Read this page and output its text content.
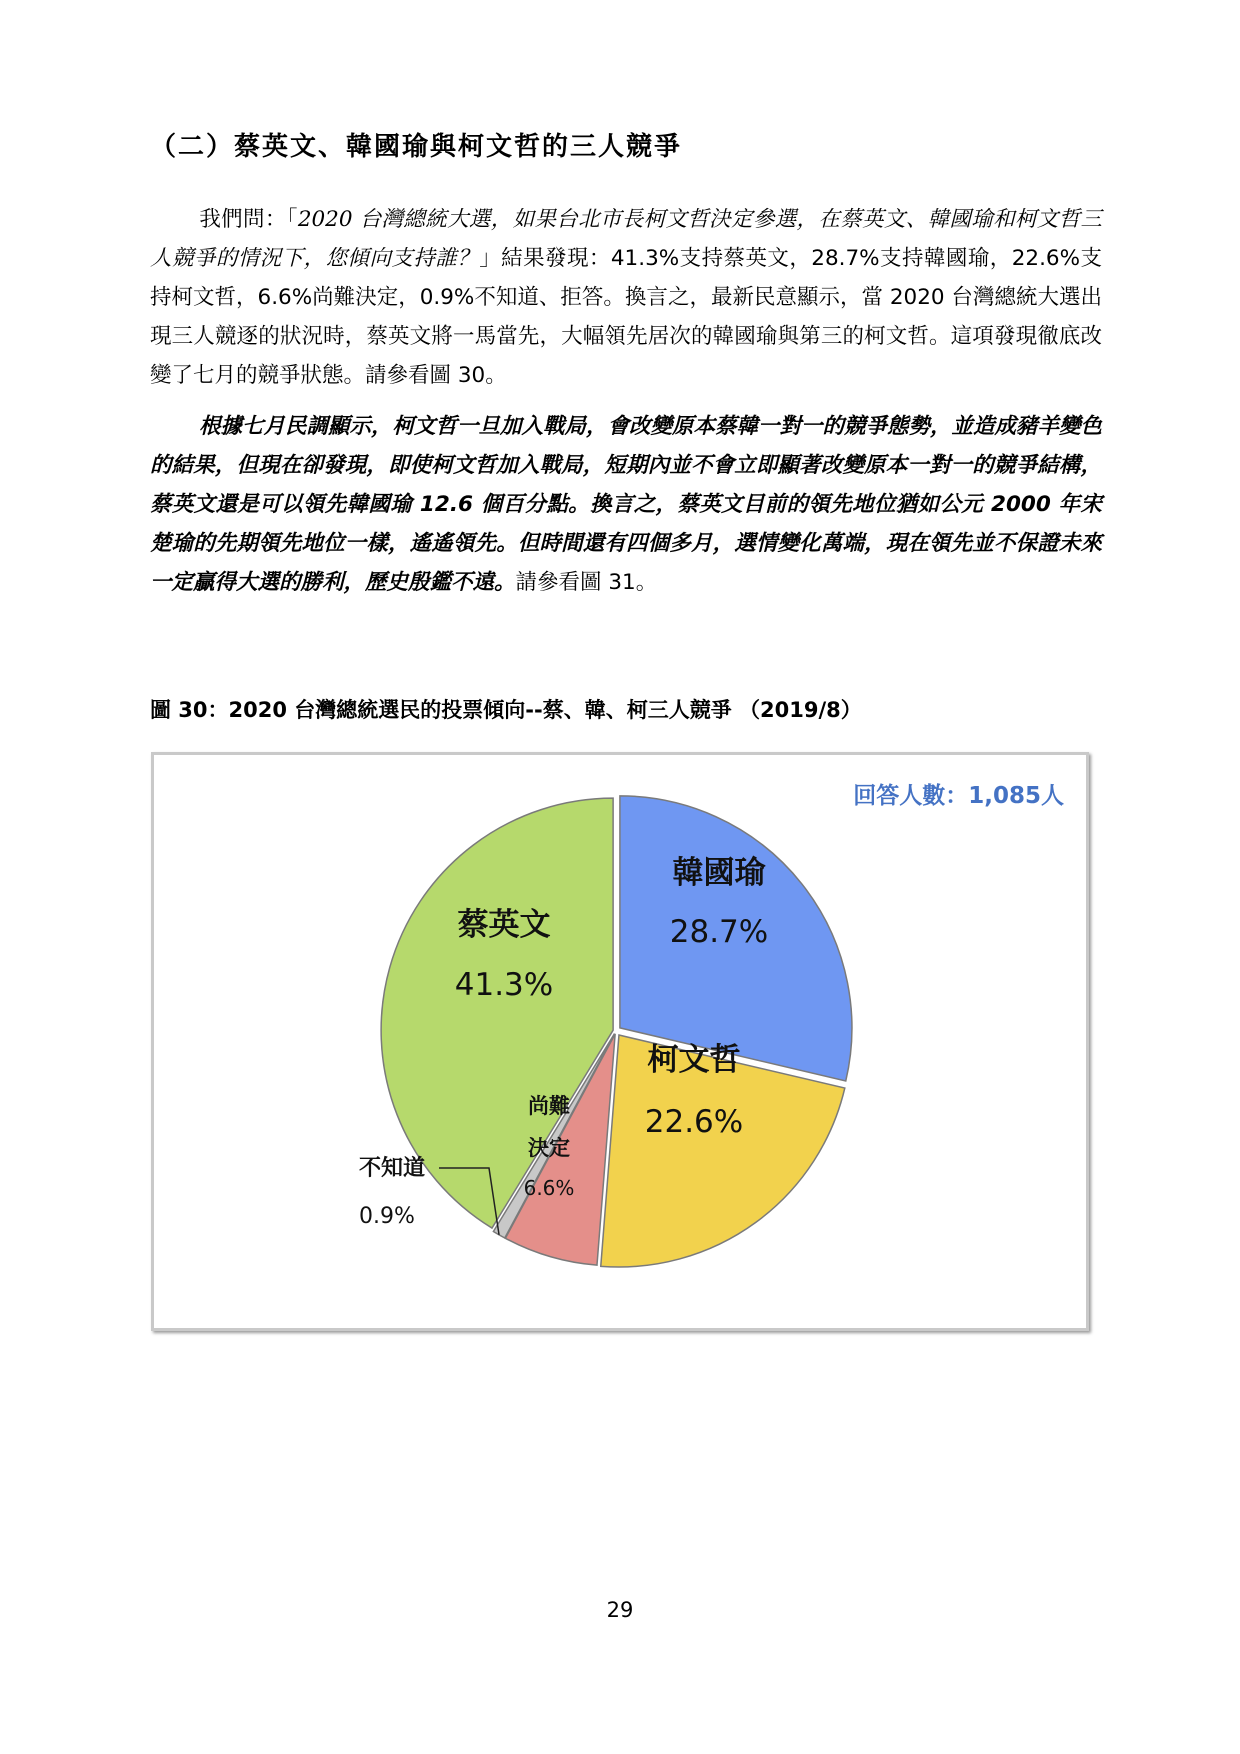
（二）蔡英文、韓國瑜與柯文哲的三人競爭
我們問：「2020 台灣總統大選，如果台北市長柯文哲決定參選，在蔡英文、韓國瑜和柯文哲三人競爭的情況下，您傾向支持誰？」結果發現：41.3%支持蔡英文，28.7%支持韓國瑜，22.6%支持柯文哲，6.6%尚難決定，0.9%不知道、拒答。換言之，最新民意顯示，當 2020 台灣總統大選出現三人競逐的狀況時，蔡英文將一馬當先，大幅領先居次的韓國瑜與第三的柯文哲。這項發現徹底改變了七月的競爭狀態。請參看圖 30。
根據七月民調顯示，柯文哲一旦加入戰局，會改變原本蔡韓一對一的競爭態勢，並造成豬羊變色的結果，但現在卻發現，即使柯文哲加入戰局，短期內並不會立即顯著改變原本一對一的競爭結構，蔡英文還是可以領先韓國瑜 12.6 個百分點。換言之，蔡英文目前的領先地位猶如公元 2000 年宋楚瑜的先期領先地位一樣，遙遙領先。但時間還有四個多月，選情變化萬端，現在領先並不保證未來一定贏得大選的勝利，歷史殷鑑不遠。請參看圖 31。
圖 30：2020 台灣總統選民的投票傾向--蔡、韓、柯三人競爭 （2019/8）
回答人數：1,085人
韓國瑜
28.7%
柯文哲
22.6%
尚難
決定
6.6%
不知道
0.9%
蔡英文
41.3%
29
